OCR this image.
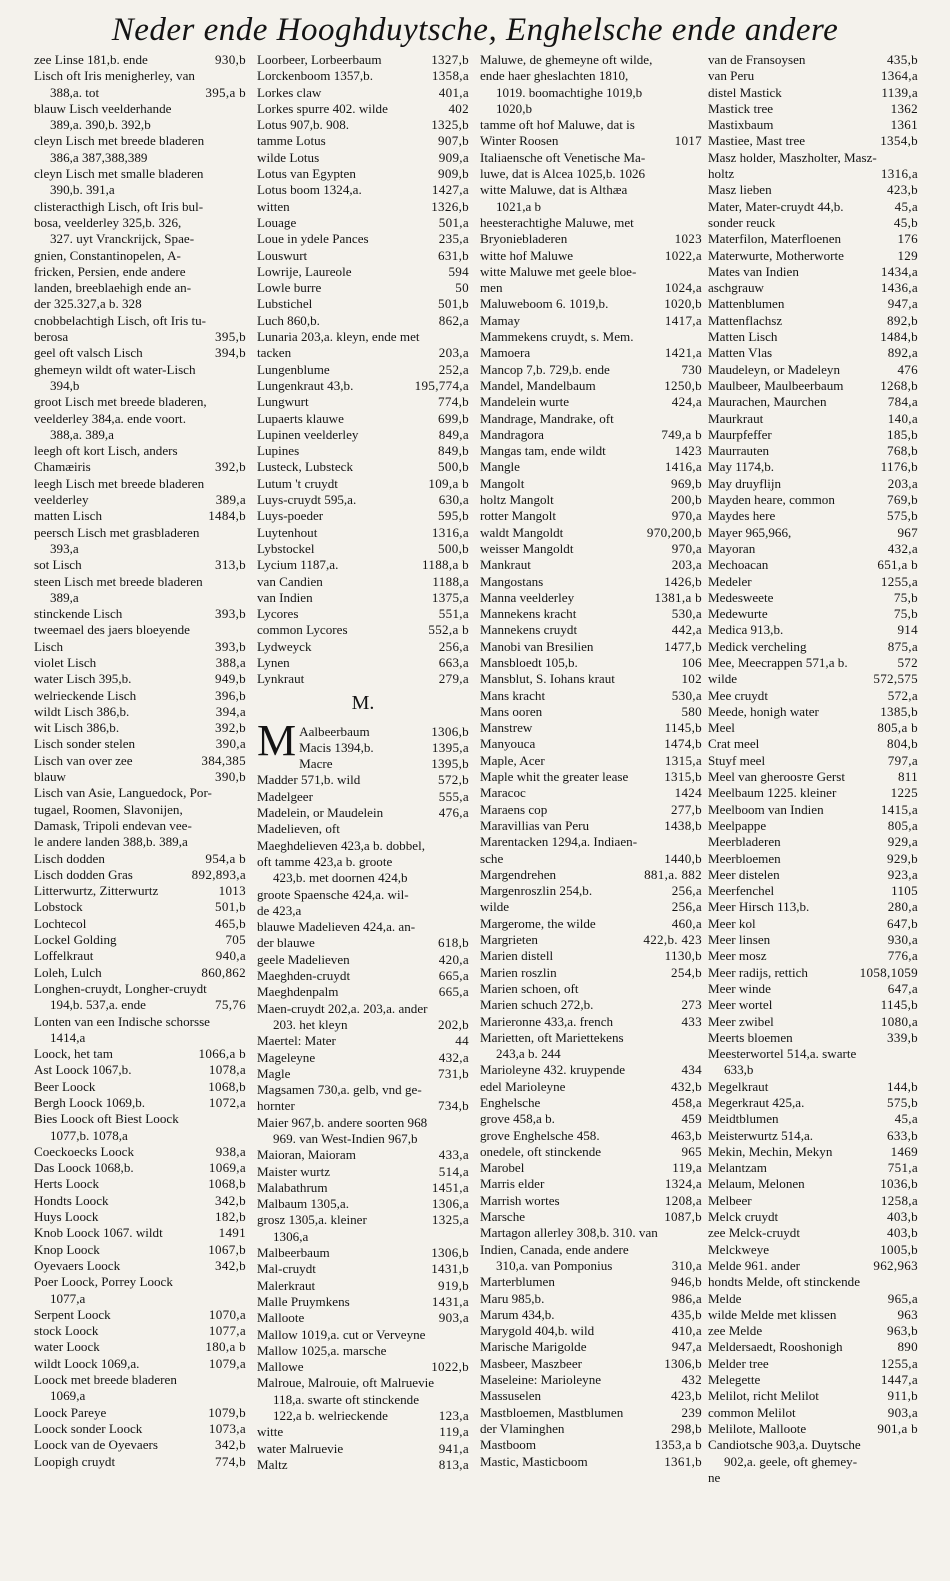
Neder ende Hooghduytsche, Enghelsche ende andere
zee Linse 181,b. ende	930,b
Lisch oft Iris menigherley, van
388,a. tot	395,a b
blauw Lisch veelderhande
389,a. 390,b. 392,b
cleyn Lisch met breede bladeren
386,a 387,388,389
cleyn Lisch met smalle bladeren
390,b. 391,a
clisteracthigh Lisch, oft Iris bul-
bosa, veelderley 325,b. 326,
327. uyt Vranckrijck, Spae-
gnien, Constantinopelen, A-
fricken, Persien, ende andere
landen, breeblaehigh ende an-
der 325.327,a b. 328
cnobbelachtigh Lisch, oft Iris tu-
berosa	395,b
geel oft valsch Lisch	394,b
ghemeyn wildt oft water-Lisch
394,b
groot Lisch met breede bladeren,
veelderley 384,a. ende voort.
388,a. 389,a
leegh oft kort Lisch, anders
Chamæiris	392,b
leegh Lisch met breede bladeren
veelderley	389,a
matten Lisch	1484,b
peersch Lisch met grasbladeren
393,a
sot Lisch	313,b
steen Lisch met breede bladeren
389,a
stinckende Lisch	393,b
tweemael des jaers bloeyende
Lisch	393,b
violet Lisch	388,a
water Lisch 395,b.	949,b
welrieckende Lisch	396,b
wildt Lisch 386,b.	394,a
wit Lisch 386,b.	392,b
Lisch sonder stelen	390,a
Lisch van over zee	384,385
blauw	390,b
Lisch van Asie, Languedock, Por-
tugael, Roomen, Slavonijen,
Damask, Tripoli endevan vee-
le andere landen 388,b. 389,a
Lisch dodden	954,a b
Lisch dodden Gras	892,893,a
Litterwurtz, Zitterwurtz	1013
Lobstock	501,b
Lochtecol	465,b
Lockel Golding	705
Loffelkraut	940,a
Loleh, Lulch	860,862
Longhen-cruydt, Longher-cruydt
194,b. 537,a. ende	75,76
Lonten van een Indische schorsse
1414,a
Loock, het tam	1066,a b
Ast Loock 1067,b.	1078,a
Beer Loock	1068,b
Bergh Loock 1069,b.	1072,a
Bies Loock oft Biest Loock
1077,b. 1078,a
Coeckoecks Loock	938,a
Das Loock 1068,b.	1069,a
Herts Loock	1068,b
Hondts Loock	342,b
Huys Loock	182,b
Knob Loock 1067. wildt	1491
Knop Loock	1067,b
Oyevaers Loock	342,b
Poer Loock, Porrey Loock
1077,a
Serpent Loock	1070,a
stock Loock	1077,a
water Loock	180,a b
wildt Loock 1069,a.	1079,a
Loock met breede bladeren
1069,a
Loock Pareye	1079,b
Loock sonder Loock	1073,a
Loock van de Oyevaers	342,b
Loopigh cruydt	774,b
Loorbeer, Lorbeerbaum	1327,b
Lorckenboom 1357,b.	1358,a
Lorkes claw	401,a
Lorkes spurre 402. wilde	402
Lotus 907,b. 908.	1325,b
tamme Lotus	907,b
wilde Lotus	909,a
Lotus van Egypten	909,b
Lotus boom 1324,a.	1427,a
witten	1326,b
Louage	501,a
Loue in ydele Pances	235,a
Louswurt	631,b
Lowrije, Laureole	594
Lowle burre	50
Lubstichel	501,b
Luch 860,b.	862,a
Lunaria 203,a. kleyn, ende met
tacken	203,a
Lungenblume	252,a
Lungenkraut 43,b.	195,774,a
Lungwurt	774,b
Lupaerts klauwe	699,b
Lupinen veelderley	849,a
Lupines	849,b
Lusteck, Lubsteck	500,b
Lutum 't cruydt	109,a b
Luys-cruydt 595,a.	630,a
Luys-poeder	595,b
Luytenhout	1316,a
Lybstockel	500,b
Lycium 1187,a.	1188,a b
van Candien	1188,a
van Indien	1375,a
Lycores	551,a
common Lycores	552,a b
Lydweyck	256,a
Lynen	663,a
Lynkraut	279,a
M.
M Aalbeerbaum	1306,b
Macis 1394,b.	1395,a
Macre	1395,b
Madder 571,b. wild	572,b
Madelgeer	555,a
Madelein, or Maudelein	476,a
Madelieven, oft
Maeghdelieven 423,a b. dobbel,
oft tamme 423,a b. groote
423,b. met doornen 424,b
groote Spaensche 424,a. wil-
de 423,a
blauwe Madelieven 424,a. an-
der blauwe	618,b
geele Madelieven	420,a
Maeghden-cruydt	665,a
Maeghdenpalm	665,a
Maen-cruydt 202,a. 203,a. ander
203. het kleyn	202,b
Maertel: Mater	44
Mageleyne	432,a
Magle	731,b
Magsamen 730,a. gelb, vnd ge-
hornter	734,b
Maier 967,b. andere soorten 968
969. van West-Indien 967,b
Maioran, Maioram	433,a
Maister wurtz	514,a
Malabathrum	1451,a
Malbaum 1305,a.	1306,a
grosz 1305,a. kleiner	1325,a
1306,a
Malbeerbaum	1306,b
Mal-cruydt	1431,b
Malerkraut	919,b
Malle Pruymkens	1431,a
Malloote	903,a
Mallow 1019,a. cut or Verveyne
Mallow 1025,a. marsche
Mallowe	1022,b
Malroue, Malrouie, oft Malruevie
118,a. swarte oft stinckende
122,a b. welrieckende	123,a
witte	119,a
water Malruevie	941,a
Maltz	813,a
Maluwe, de ghemeyne oft wilde,
ende haer gheslachten 1810,
1019. boomachtighe 1019,b
1020,b
tamme oft hof Maluwe, dat is
Winter Roosen	1017
Italiaensche oft Venetische Ma-
luwe, dat is Alcea 1025,b. 1026
witte Maluwe, dat is Althæa
1021,a b
heesterachtighe Maluwe, met
Bryoniebladeren	1023
witte hof Maluwe	1022,a
witte Maluwe met geele bloe-
men	1024,a
Maluweboom 6. 1019,b.	1020,b
Mamay	1417,a
Mammekens cruydt, s. Mem.
Mamoera	1421,a
Mancop 7,b. 729,b. ende	730
Mandel, Mandelbaum	1250,b
Mandelein wurte	424,a
Mandrage, Mandrake, oft
Mandragora	749,a b
Mangas tam, ende wildt	1423
Mangle	1416,a
Mangolt	969,b
holtz Mangolt	200,b
rotter Mangolt	970,a
waldt Mangoldt	970,200,b
weisser Mangoldt	970,a
Mankraut	203,a
Mangostans	1426,b
Manna veelderley	1381,a b
Mannekens kracht	530,a
Mannekens cruydt	442,a
Manobi van Bresilien	1477,b
Mansbloedt 105,b.	106
Mansblut, S. Iohans kraut	102
Mans kracht	530,a
Mans ooren	580
Manstrew	1145,b
Manyouca	1474,b
Maple, Acer	1315,a
Maple whit the greater lease	1315,b
Maracoc	1424
Maraens cop	277,b
Maravillias van Peru	1438,b
Marentacken 1294,a. Indiaen-
sche	1440,b
Margendrehen	881,a. 882
Margenroszlin 254,b.	256,a
wilde	256,a
Margerome, the wilde	460,a
Margrieten	422,b. 423
Marien distell	1130,b
Marien roszlin	254,b
Marien schoen, oft
Marien schuch 272,b.	273
Marieronne 433,a. french	433
Marietten, oft Mariettekens
243,a b. 244
Marioleyne 432. kruypende	434
edel Marioleyne	432,b
Enghelsche	458,a
grove 458,a b.	459
grove Enghelsche 458.	463,b
onedele, oft stinckende	965
Marobel	119,a
Marris elder	1324,a
Marrish wortes	1208,a
Marsche	1087,b
Martagon allerley 308,b. 310. van
Indien, Canada, ende andere
310,a. van Pomponius	310,a
Marterblumen	946,b
Maru 985,b.	986,a
Marum 434,b.	435,b
Marygold 404,b. wild	410,a
Marische Marigolde	947,a
Masbeer, Maszbeer	1306,b
Maseleine: Marioleyne	432
Massuselen	423,b
Mastbloemen, Mastblumen	239
der Vlaminghen	298,b
Mastboom	1353,a b
Mastic, Masticboom	1361,b
van de Fransoysen	435,b
van Peru	1364,a
distel Mastick	1139,a
Mastick tree	1362
Mastixbaum	1361
Mastiee, Mast tree	1354,b
Masz holder, Maszholter, Masz-
holtz	1316,a
Masz lieben	423,b
Mater, Mater-cruydt 44,b.	45,a
sonder reuck	45,b
Materfilon, Materfloenen	176
Materwurte, Motherworte	129
Mates van Indien	1434,a
aschgrauw	1436,a
Mattenblumen	947,a
Mattenflachsz	892,b
Matten Lisch	1484,b
Matten Vlas	892,a
Maudeleyn, or Madeleyn	476
Maulbeer, Maulbeerbaum	1268,b
Maurachen, Maurchen	784,a
Maurkraut	140,a
Maurpfeffer	185,b
Maurrauten	768,b
May 1174,b.	1176,b
May druyflijn	203,a
Mayden heare, common	769,b
Maydes here	575,b
Mayer 965,966,	967
Mayoran	432,a
Mechoacan	651,a b
Medeler	1255,a
Medesweete	75,b
Medewurte	75,b
Medica 913,b.	914
Medick vercheling	875,a
Mee, Meecrappen 571,a b.	572
wilde	572,575
Mee cruydt	572,a
Meede, honigh water	1385,b
Meel	805,a b
Crat meel	804,b
Stuyf meel	797,a
Meel van gheroosте Gerst	811
Meelbaum 1225. kleiner	1225
Meelboom van Indien	1415,a
Meelpappe	805,a
Meerbladeren	929,a
Meerbloemen	929,b
Meer distelen	923,a
Meerfenchel	1105
Meer Hirsch 113,b.	280,a
Meer kol	647,b
Meer linsen	930,a
Meer mosz	776,a
Meer radijs, rettich	1058,1059
Meer winde	647,a
Meer wortel	1145,b
Meer zwibel	1080,a
Meerts bloemen	339,b
Meesterwortel 514,a. swarte
633,b
Megelkraut	144,b
Megerkraut 425,a.	575,b
Meidtblumen	45,a
Meisterwurtz 514,a.	633,b
Mekin, Mechin, Mekyn	1469
Melantzam	751,a
Melaum, Melonen	1036,b
Melbeer	1258,a
Melck cruydt	403,b
zee Melck-cruydt	403,b
Melckweye	1005,b
Melde 961. ander	962,963
hondts Melde, oft stinckende
Melde	965,a
wilde Melde met klissen	963
zee Melde	963,b
Meldersaedt, Rooshonigh	890
Melder tree	1255,a
Melegette	1447,a
Melilot, richt Melilot	911,b
common Melilot	903,a
Melilote, Malloote	901,a b
Candiotsche 903,a. Duytsche
902,a. geele, oft ghemey-
ne
